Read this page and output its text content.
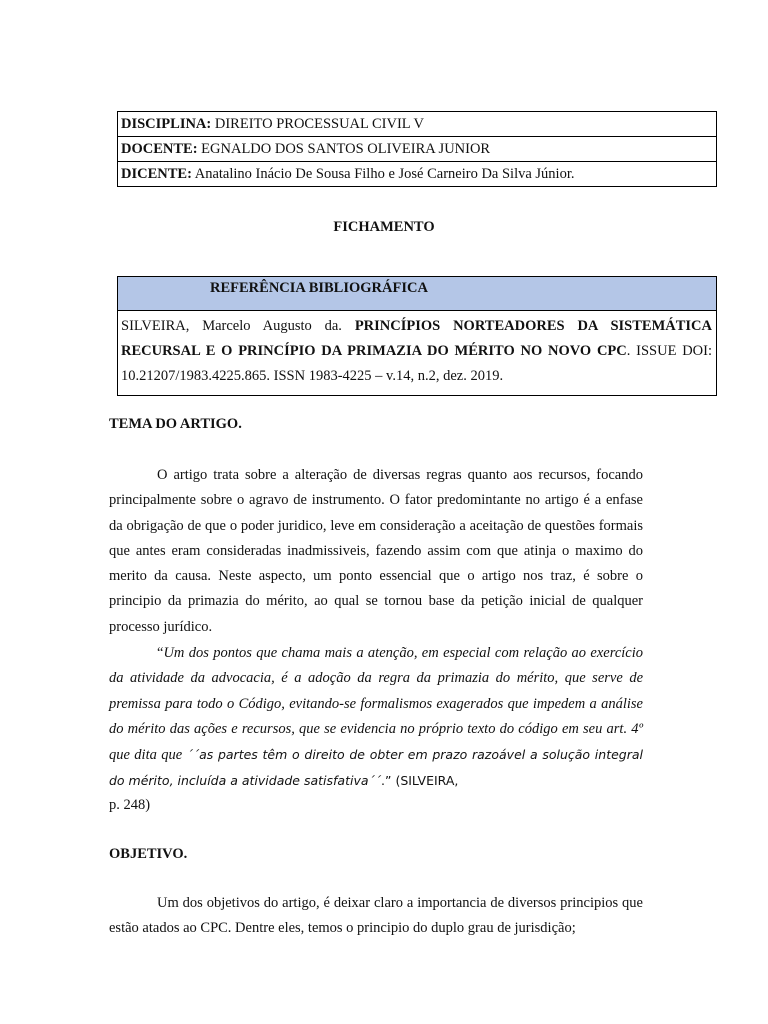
DISCIPLINA: DIREITO PROCESSUAL CIVIL V
DOCENTE: EGNALDO DOS SANTOS OLIVEIRA JUNIOR
DICENTE: Anatalino Inácio De Sousa Filho e José Carneiro Da Silva Júnior.
FICHAMENTO
REFERÊNCIA BIBLIOGRÁFICA
SILVEIRA, Marcelo Augusto da. PRINCÍPIOS NORTEADORES DA SISTEMÁTICA RECURSAL E O PRINCÍPIO DA PRIMAZIA DO MÉRITO NO NOVO CPC. ISSUE DOI: 10.21207/1983.4225.865. ISSN 1983-4225 – v.14, n.2, dez. 2019.
TEMA DO ARTIGO.

O artigo trata sobre a alteração de diversas regras quanto aos recursos, focando principalmente sobre o agravo de instrumento. O fator predomintante no artigo é a enfase da obrigação de que o poder juridico, leve em consideração a aceitação de questões formais que antes eram consideradas inadmissiveis, fazendo assim com que atinja o maximo do merito da causa. Neste aspecto, um ponto essencial que o artigo nos traz, é sobre o principio da primazia do mérito, ao qual se tornou base da petição inicial de qualquer processo jurídico.

“Um dos pontos que chama mais a atenção, em especial com relação ao exercício da atividade da advocacia, é a adoção da regra da primazia do mérito, que serve de premissa para todo o Código, evitando-se formalismos exagerados que impedem a análise do mérito das ações e recursos, que se evidencia no próprio texto do código em seu art. 4º que dita que ´´as partes têm o direito de obter em prazo razoável a solução integral do mérito, incluída a atividade satisfativa´´.” (SILVEIRA,

p. 248)
OBJETIVO.

Um dos objetivos do artigo, é deixar claro a importancia de diversos principios que estão atados ao CPC. Dentre eles, temos o principio do duplo grau de jurisdição;
